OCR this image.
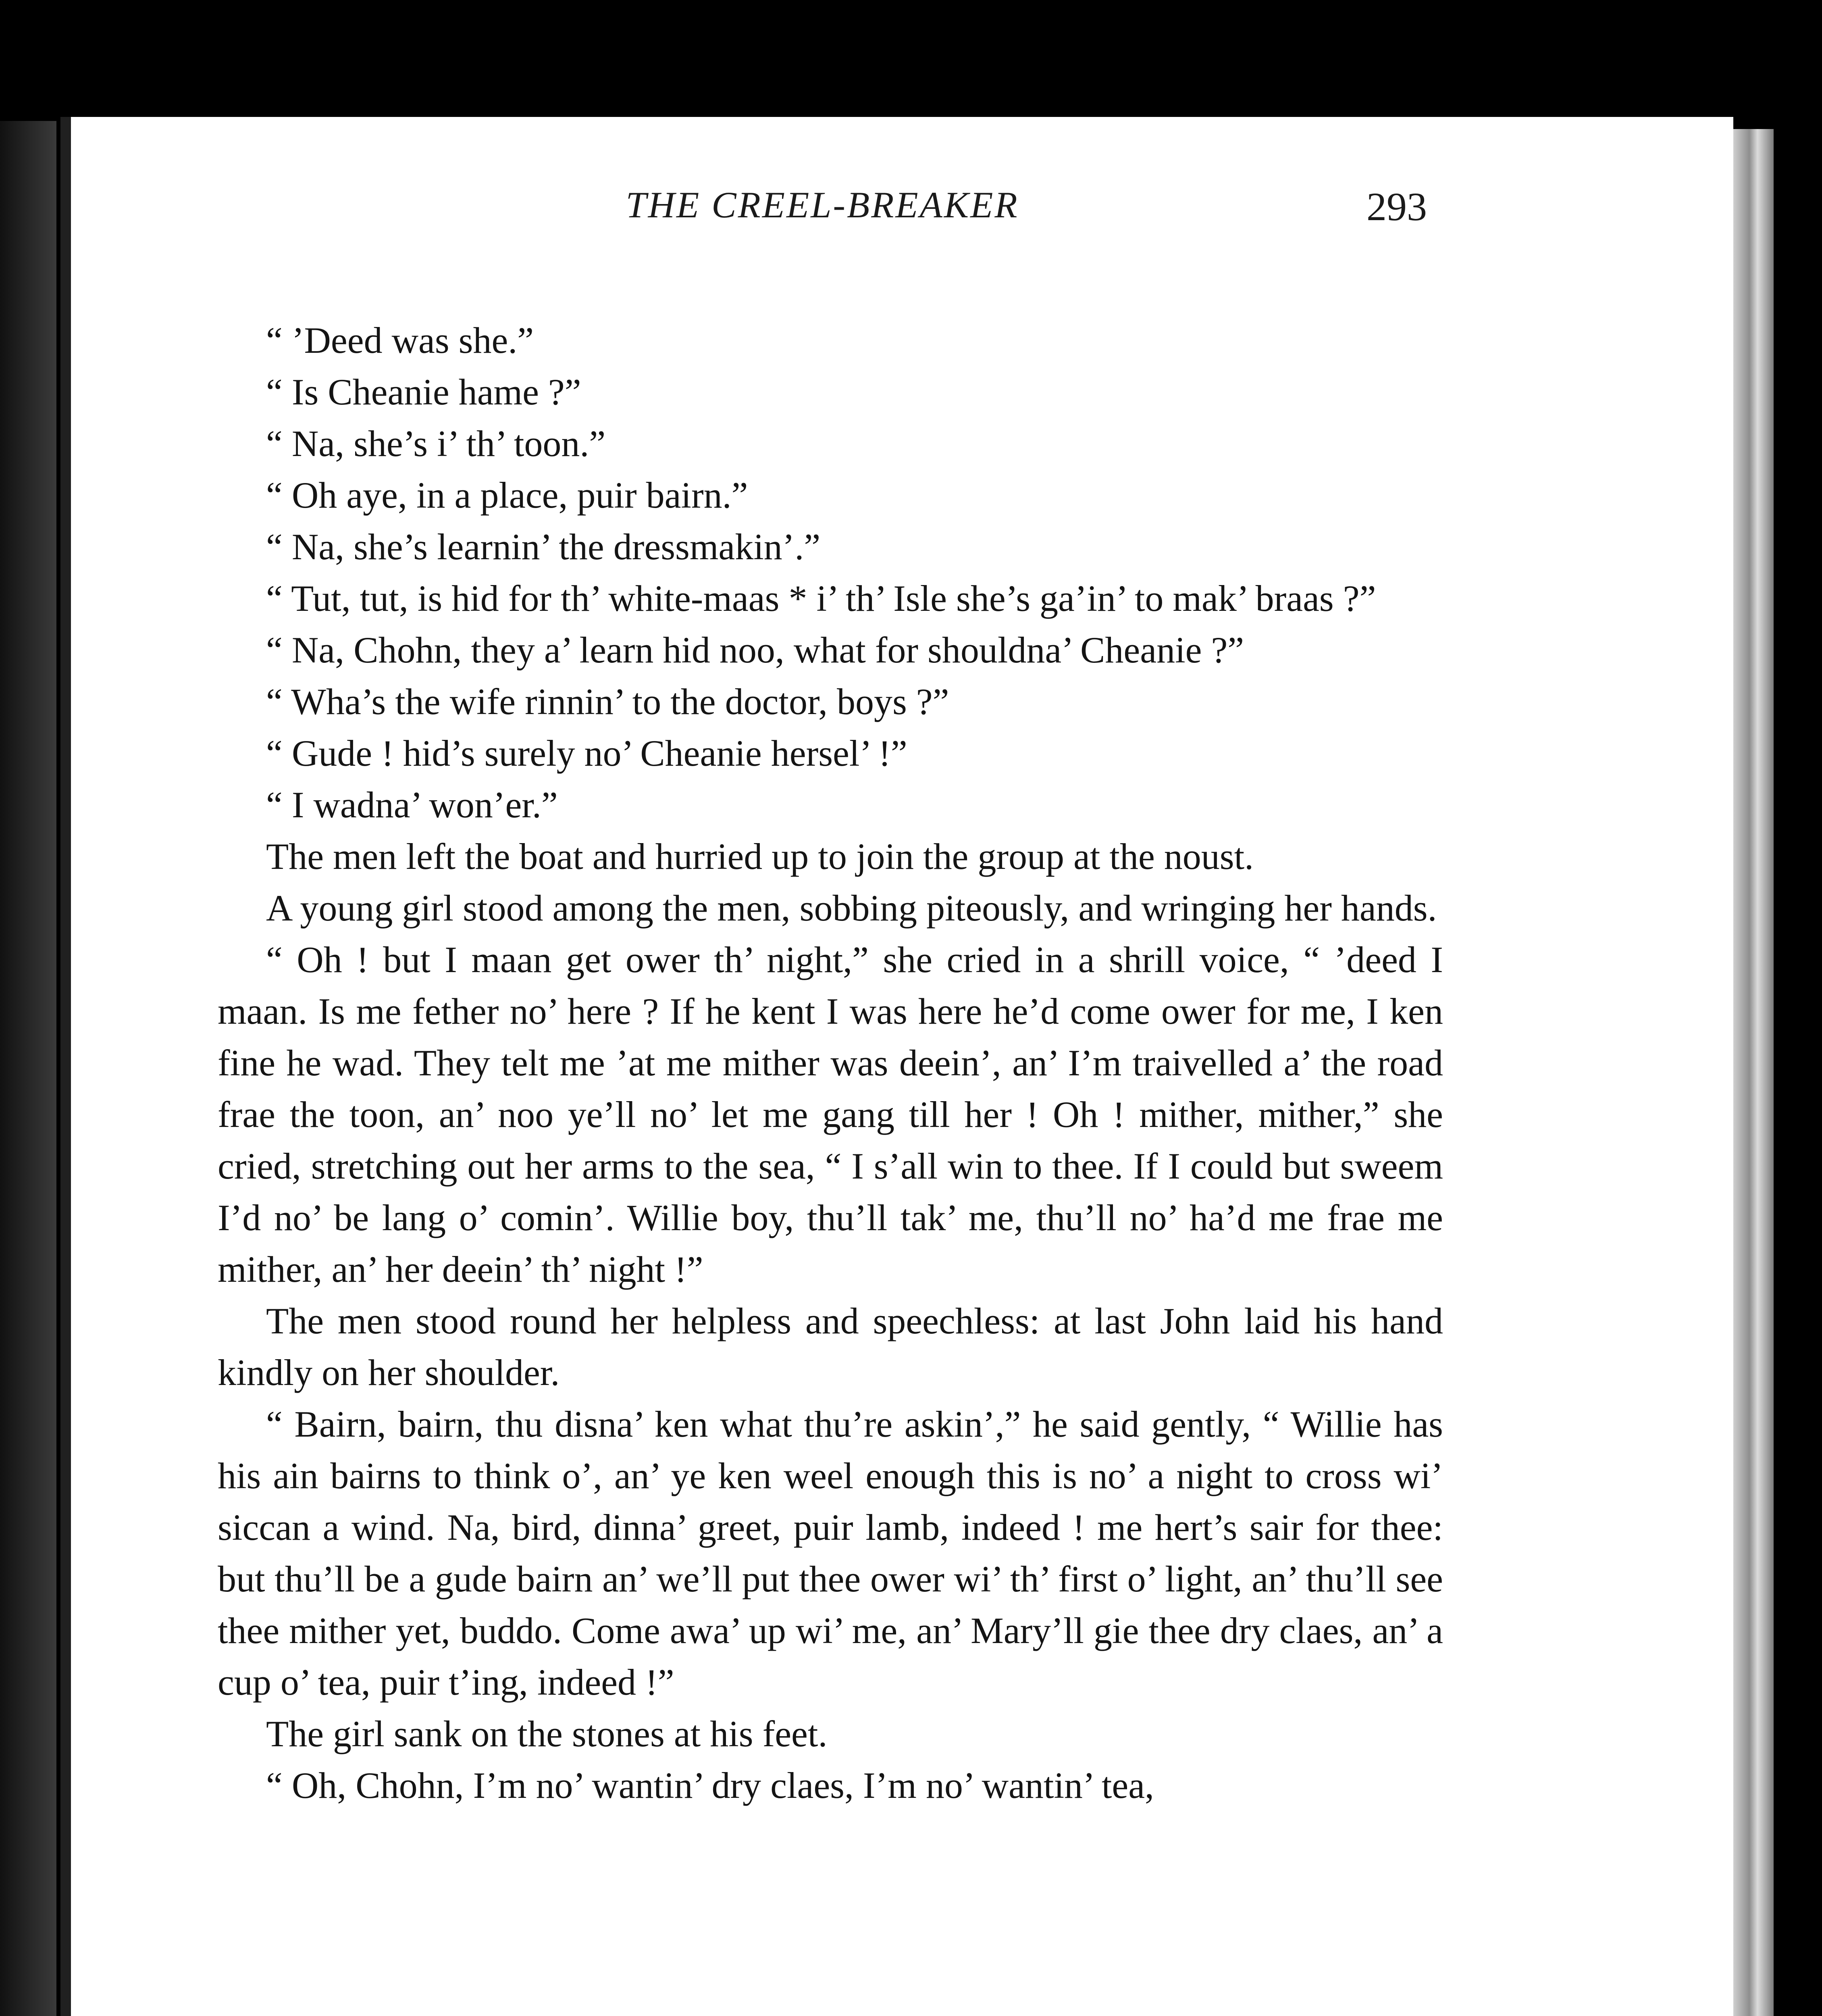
THE CREEL-BREAKER	293

“ ’Deed was she.”

“ Is Cheanie hame ?”

“ Na, she’s i’ th’ toon.”

“ Oh aye, in a place, puir bairn.”

“ Na, she’s learnin’ the dressmakin’.”

“ Tut, tut, is hid for th’ white-maas * i’ th’ Isle she’s ga’in’ to mak’ braas ?”

“ Na, Chohn, they a’ learn hid noo, what for shouldna’ Cheanie ?”

“ Wha’s the wife rinnin’ to the doctor, boys ?”

“ Gude ! hid’s surely no’ Cheanie hersel’ !”

“ I wadna’ won’er.”

The men left the boat and hurried up to join the group at the noust.

A young girl stood among the men, sobbing piteously, and wringing her hands.

“ Oh ! but I maan get ower th’ night,” she cried in a shrill voice, “ ’deed I maan. Is me fether no’ here ? If he kent I was here he’d come ower for me, I ken fine he wad. They telt me ’at me mither was deein’, an’ I’m traivelled a’ the road frae the toon, an’ noo ye’ll no’ let me gang till her ! Oh ! mither, mither,” she cried, stretching out her arms to the sea, “ I s’all win to thee. If I could but sweem I’d no’ be lang o’ comin’. Willie boy, thu’ll tak’ me, thu’ll no’ ha’d me frae me mither, an’ her deein’ th’ night !”

The men stood round her helpless and speechless: at last John laid his hand kindly on her shoulder.

“ Bairn, bairn, thu disna’ ken what thu’re askin’,” he said gently, “ Willie has his ain bairns to think o’, an’ ye ken weel enough this is no’ a night to cross wi’ siccan a wind. Na, bird, dinna’ greet, puir lamb, indeed ! me hert’s sair for thee: but thu’ll be a gude bairn an’ we’ll put thee ower wi’ th’ first o’ light, an’ thu’ll see thee mither yet, buddo. Come awa’ up wi’ me, an’ Mary’ll gie thee dry claes, an’ a cup o’ tea, puir t’ing, indeed !”

The girl sank on the stones at his feet.

“ Oh, Chohn, I’m no’ wantin’ dry claes, I’m no’ wantin’ tea,
